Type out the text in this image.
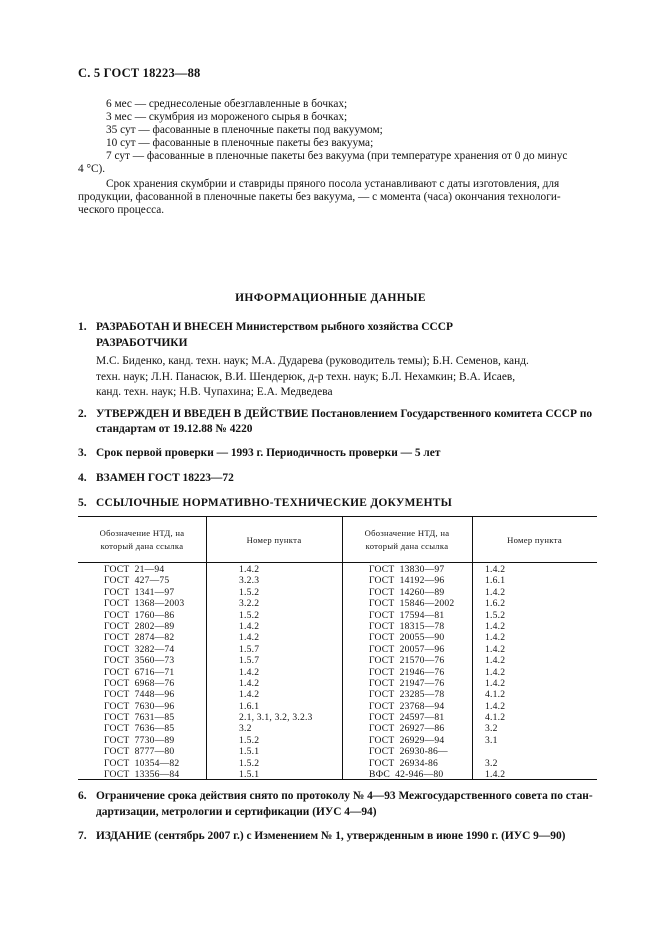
С. 5 ГОСТ 18223—88
6 мес — среднесоленые обезглавленные в бочках;
3 мес — скумбрия из мороженого сырья в бочках;
35 сут — фасованные в пленочные пакеты под вакуумом;
10 сут — фасованные в пленочные пакеты без вакуума;
7 сут — фасованные в пленочные пакеты без вакуума (при температуре хранения от 0 до минус
4 °С).
Срок хранения скумбрии и ставриды пряного посола устанавливают с даты изготовления, для
продукции, фасованной в пленочные пакеты без вакуума, — с момента (часа) окончания технологи-
ческого процесса.
ИНФОРМАЦИОННЫЕ ДАННЫЕ
1. РАЗРАБОТАН И ВНЕСЕН Министерством рыбного хозяйства СССР
РАЗРАБОТЧИКИ
М.С. Биденко, канд. техн. наук; М.А. Дударева (руководитель темы); Б.Н. Семенов, канд.
техн. наук; Л.Н. Панасюк, В.И. Шендерюк, д-р техн. наук; Б.Л. Нехамкин; В.А. Исаев,
канд. техн. наук; Н.В. Чупахина; Е.А. Медведева
2. УТВЕРЖДЕН И ВВЕДЕН В ДЕЙСТВИЕ Постановлением Государственного комитета СССР по
стандартам от 19.12.88 № 4220
3. Срок первой проверки — 1993 г. Периодичность проверки — 5 лет
4. ВЗАМЕН ГОСТ 18223—72
5. ССЫЛОЧНЫЕ НОРМАТИВНО-ТЕХНИЧЕСКИЕ ДОКУМЕНТЫ
Обозначение НТД, на
который дана ссылка
Номер пункта
Обозначение НТД, на
который дана ссылка
Номер пункта
ГОСТ  21—94
ГОСТ  427—75
ГОСТ  1341—97
ГОСТ  1368—2003
ГОСТ  1760—86
ГОСТ  2802—89
ГОСТ  2874—82
ГОСТ  3282—74
ГОСТ  3560—73
ГОСТ  6716—71
ГОСТ  6968—76
ГОСТ  7448—96
ГОСТ  7630—96
ГОСТ  7631—85
ГОСТ  7636—85
ГОСТ  7730—89
ГОСТ  8777—80
ГОСТ  10354—82
ГОСТ  13356—84
1.4.2
3.2.3
1.5.2
3.2.2
1.5.2
1.4.2
1.4.2
1.5.7
1.5.7
1.4.2
1.4.2
1.4.2
1.6.1
2.1, 3.1, 3.2, 3.2.3
3.2
1.5.2
1.5.1
1.5.2
1.5.1
ГОСТ  13830—97
ГОСТ  14192—96
ГОСТ  14260—89
ГОСТ  15846—2002
ГОСТ  17594—81
ГОСТ  18315—78
ГОСТ  20055—90
ГОСТ  20057—96
ГОСТ  21570—76
ГОСТ  21946—76
ГОСТ  21947—76
ГОСТ  23285—78
ГОСТ  23768—94
ГОСТ  24597—81
ГОСТ  26927—86
ГОСТ  26929—94
ГОСТ  26930-86—
ГОСТ  26934-86
ВФС  42-946—80
1.4.2
1.6.1
1.4.2
1.6.2
1.5.2
1.4.2
1.4.2
1.4.2
1.4.2
1.4.2
1.4.2
4.1.2
1.4.2
4.1.2
3.2
3.1
3.2
1.4.2
6. Ограничение срока действия снято по протоколу № 4—93 Межгосударственного совета по стан-
дартизации, метрологии и сертификации (ИУС 4—94)
7. ИЗДАНИЕ (сентябрь 2007 г.) с Изменением № 1, утвержденным в июне 1990 г. (ИУС 9—90)
